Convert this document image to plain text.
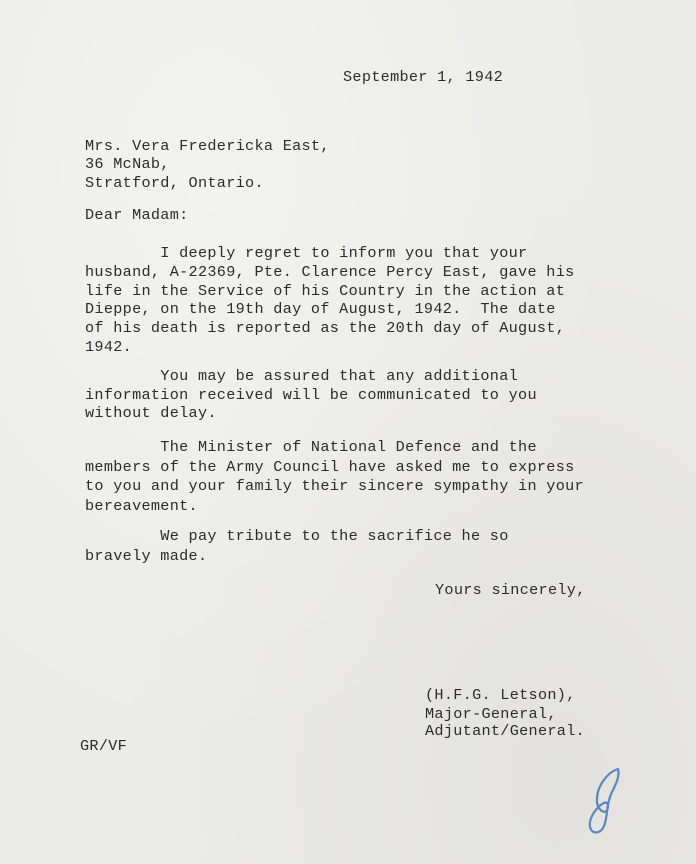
September 1, 1942

Mrs. Vera Fredericka East,

36 McNab,

Stratford, Ontario.

Dear Madam:

I deeply regret to inform you that your
husband, A-22369, Pte. Clarence Percy East, gave his
life in the Service of his Country in the action at
Dieppe, on the 19th day of August, 1942.  The date
of his death is reported as the 20th day of August,
1942.

You may be assured that any additional
information received will be communicated to you
without delay.

The Minister of National Defence and the
members of the Army Council have asked me to express
to you and your family their sincere sympathy in your
bereavement.

We pay tribute to the sacrifice he so
bravely made.

Yours sincerely,

(H.F.G. Letson),

Major-General,

Adjutant/General.

GR/VF
